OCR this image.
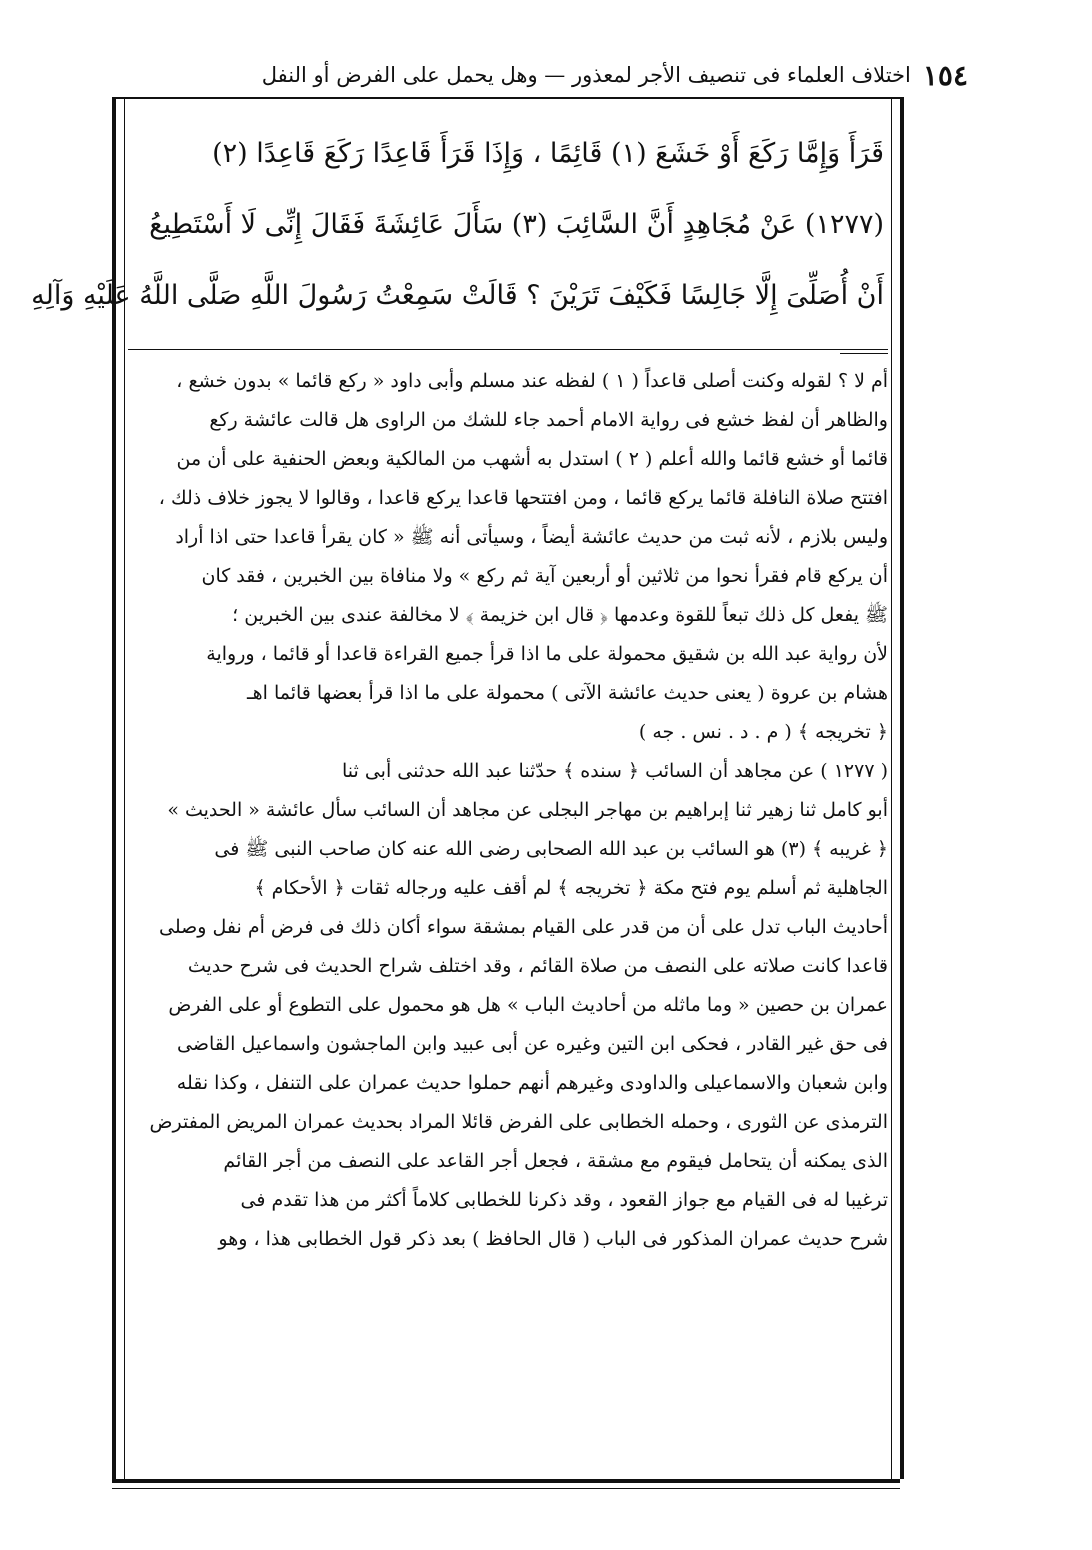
١٥٤
اختلاف العلماء فى تنصيف الأجر لمعذور — وهل يحمل على الفرض أو النفل
قَرَأَ وَإِمَّا رَكَعَ أَوْ خَشَعَ (١) قَائِمًا ، وَإِذَا قَرَأَ قَاعِدًا رَكَعَ قَاعِدًا (٢)
(١٢٧٧) عَنْ مُجَاهِدٍ أَنَّ السَّائِبَ (٣) سَأَلَ عَائِشَةَ فَقَالَ إِنِّى لَا أَسْتَطِيعُ
أَنْ أُصَلِّىَ إِلَّا جَالِسًا فَكَيْفَ تَرَيْنَ ؟ قَالَتْ سَمِعْتُ رَسُولَ اللَّهِ صَلَّى اللَّهُ عَلَيْهِ وَآلِهِ
أم لا ؟ لقوله وكنت أصلى قاعداً ( ١ ) لفظه عند مسلم وأبى داود « ركع قائما » بدون خشع ،
والظاهر أن لفظ خشع فى رواية الامام أحمد جاء للشك من الراوى هل قالت عائشة ركع
قائما أو خشع قائما والله أعلم ( ٢ ) استدل به أشهب من المالكية وبعض الحنفية على أن من
افتتح صلاة النافلة قائما يركع قائما ، ومن افتتحها قاعدا يركع قاعدا ، وقالوا لا يجوز خلاف ذلك ،
وليس بلازم ، لأنه ثبت من حديث عائشة أيضاً ، وسيأتى أنه ﷺ « كان يقرأ قاعدا حتى اذا أراد
أن يركع قام فقرأ نحوا من ثلاثين أو أربعين آية ثم ركع » ولا منافاة بين الخبرين ، فقد كان
ﷺ يفعل كل ذلك تبعاً للقوة وعدمها ﴿ قال ابن خزيمة ﴾ لا مخالفة عندى بين الخبرين ؛
لأن رواية عبد الله بن شقيق محمولة على ما اذا قرأ جميع القراءة قاعدا أو قائما ، ورواية
هشام بن عروة ( يعنى حديث عائشة الآتى ) محمولة على ما اذا قرأ بعضها قائما اهـ
﴿ تخريجه ﴾ ( م . د . نس . جه )
( ١٢٧٧ ) عن مجاهد أن السائب ﴿ سنده ﴾ حدّثنا عبد الله حدثنى أبى ثنا
أبو كامل ثنا زهير ثنا إبراهيم بن مهاجر البجلى عن مجاهد أن السائب سأل عائشة « الحديث »
﴿ غريبه ﴾ (٣) هو السائب بن عبد الله الصحابى رضى الله عنه كان صاحب النبى ﷺ فى
الجاهلية ثم أسلم يوم فتح مكة ﴿ تخريجه ﴾ لم أقف عليه ورجاله ثقات ﴿ الأحكام ﴾
أحاديث الباب تدل على أن من قدر على القيام بمشقة سواء أكان ذلك فى فرض أم نفل وصلى
قاعدا كانت صلاته على النصف من صلاة القائم ، وقد اختلف شراح الحديث فى شرح حديث
عمران بن حصين « وما ماثله من أحاديث الباب » هل هو محمول على التطوع أو على الفرض
فى حق غير القادر ، فحكى ابن التين وغيره عن أبى عبيد وابن الماجشون واسماعيل القاضى
وابن شعبان والاسماعيلى والداودى وغيرهم أنهم حملوا حديث عمران على التنفل ، وكذا نقله
الترمذى عن الثورى ، وحمله الخطابى على الفرض قائلا المراد بحديث عمران المريض المفترض
الذى يمكنه أن يتحامل فيقوم مع مشقة ، فجعل أجر القاعد على النصف من أجر القائم
ترغيبا له فى القيام مع جواز القعود ، وقد ذكرنا للخطابى كلاماً أكثر من هذا تقدم فى
شرح حديث عمران المذكور فى الباب ( قال الحافظ ) بعد ذكر قول الخطابى هذا ، وهو
